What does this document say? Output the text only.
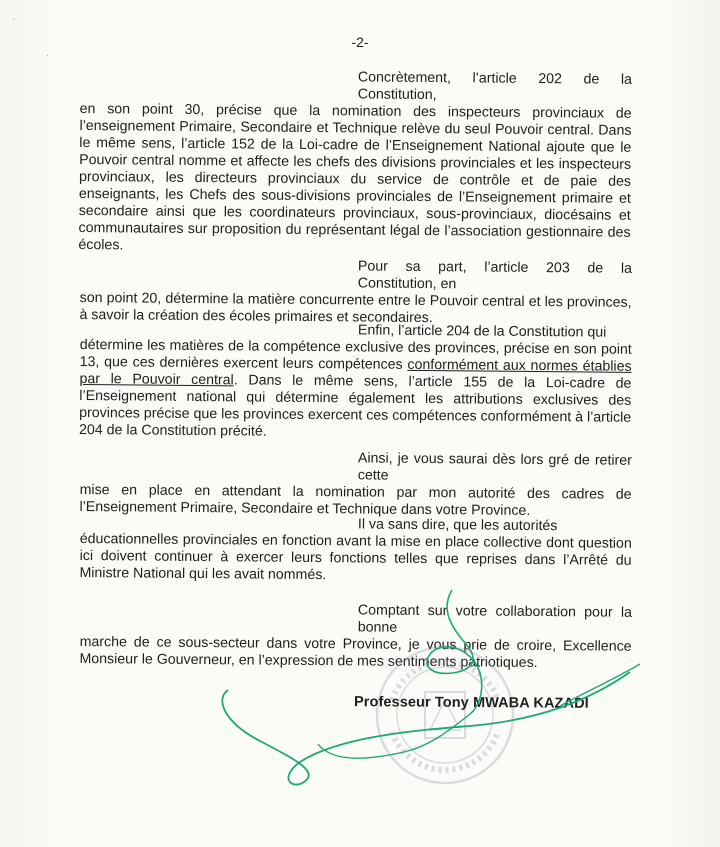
`
·
-2-
Concrètement, l’article 202 de la Constitution,
en son point 30, précise que la nomination des inspecteurs provinciaux de l’enseignement Primaire, Secondaire et Technique relève du seul Pouvoir central. Dans le même sens, l’article 152 de la Loi-cadre de l’Enseignement National ajoute que le Pouvoir central nomme et affecte les chefs des divisions provinciales et les inspecteurs provinciaux, les directeurs provinciaux du service de contrôle et de paie des enseignants, les Chefs des sous-divisions provinciales de l’Enseignement primaire et secondaire ainsi que les coordinateurs provinciaux, sous-provinciaux, diocésains et communautaires sur proposition du représentant légal de l’association gestionnaire des écoles.
Pour sa part, l’article 203 de la Constitution, en
son point 20, détermine la matière concurrente entre le Pouvoir central et les provinces, à savoir la création des écoles primaires et secondaires.
Enfin, l’article 204 de la Constitution qui
détermine les matières de la compétence exclusive des provinces, précise en son point 13, que ces dernières exercent leurs compétences conformément aux normes établies par le Pouvoir central. Dans le même sens, l’article 155 de la Loi-cadre de l’Enseignement national qui détermine également les attributions exclusives des provinces précise que les provinces exercent ces compétences conformément à l’article 204 de la Constitution précité.
Ainsi, je vous saurai dès lors gré de retirer cette
mise en place en attendant la nomination par mon autorité des cadres de l’Enseignement Primaire, Secondaire et Technique dans votre Province.
Il va sans dire, que les autorités
éducationnelles provinciales en fonction avant la mise en place collective dont question ici doivent continuer à exercer leurs fonctions telles que reprises dans l’Arrêté du Ministre National qui les avait nommés.
Comptant sur votre collaboration pour la bonne
marche de ce sous-secteur dans votre Province, je vous prie de croire, Excellence Monsieur le Gouverneur, en l’expression de mes sentiments patriotiques.
Professeur Tony MWABA KAZADI
